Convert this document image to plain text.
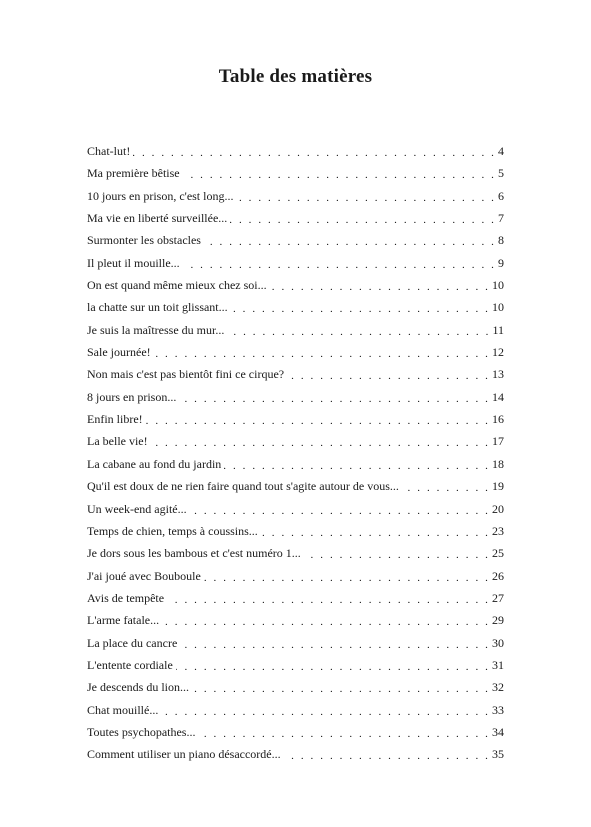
Table des matières
Chat-lut! . . .	4
Ma première bêtise . . .	5
10 jours en prison, c'est long... . . .	6
Ma vie en liberté surveillée... . . .	7
Surmonter les obstacles . . .	8
Il pleut il mouille... . . .	9
On est quand même mieux chez soi... . . .	10
la chatte sur un toit glissant... . . .	10
Je suis la maîtresse du mur... . . .	11
Sale journée! . . .	12
Non mais c'est pas bientôt fini ce cirque? . . .	13
8 jours en prison... . . .	14
Enfin libre! . . .	16
La belle vie! . . .	17
La cabane au fond du jardin . . .	18
Qu'il est doux de ne rien faire quand tout s'agite autour de vous... . . .	19
Un week-end agité... . . .	20
Temps de chien, temps à coussins... . . .	23
Je dors sous les bambous et c'est numéro 1... . . .	25
J'ai joué avec Bouboule . . .	26
Avis de tempête . . .	27
L'arme fatale... . . .	29
La place du cancre . . .	30
L'entente cordiale . . .	31
Je descends du lion... . . .	32
Chat mouillé... . . .	33
Toutes psychopathes... . . .	34
Comment utiliser un piano désaccordé... . . .	35
